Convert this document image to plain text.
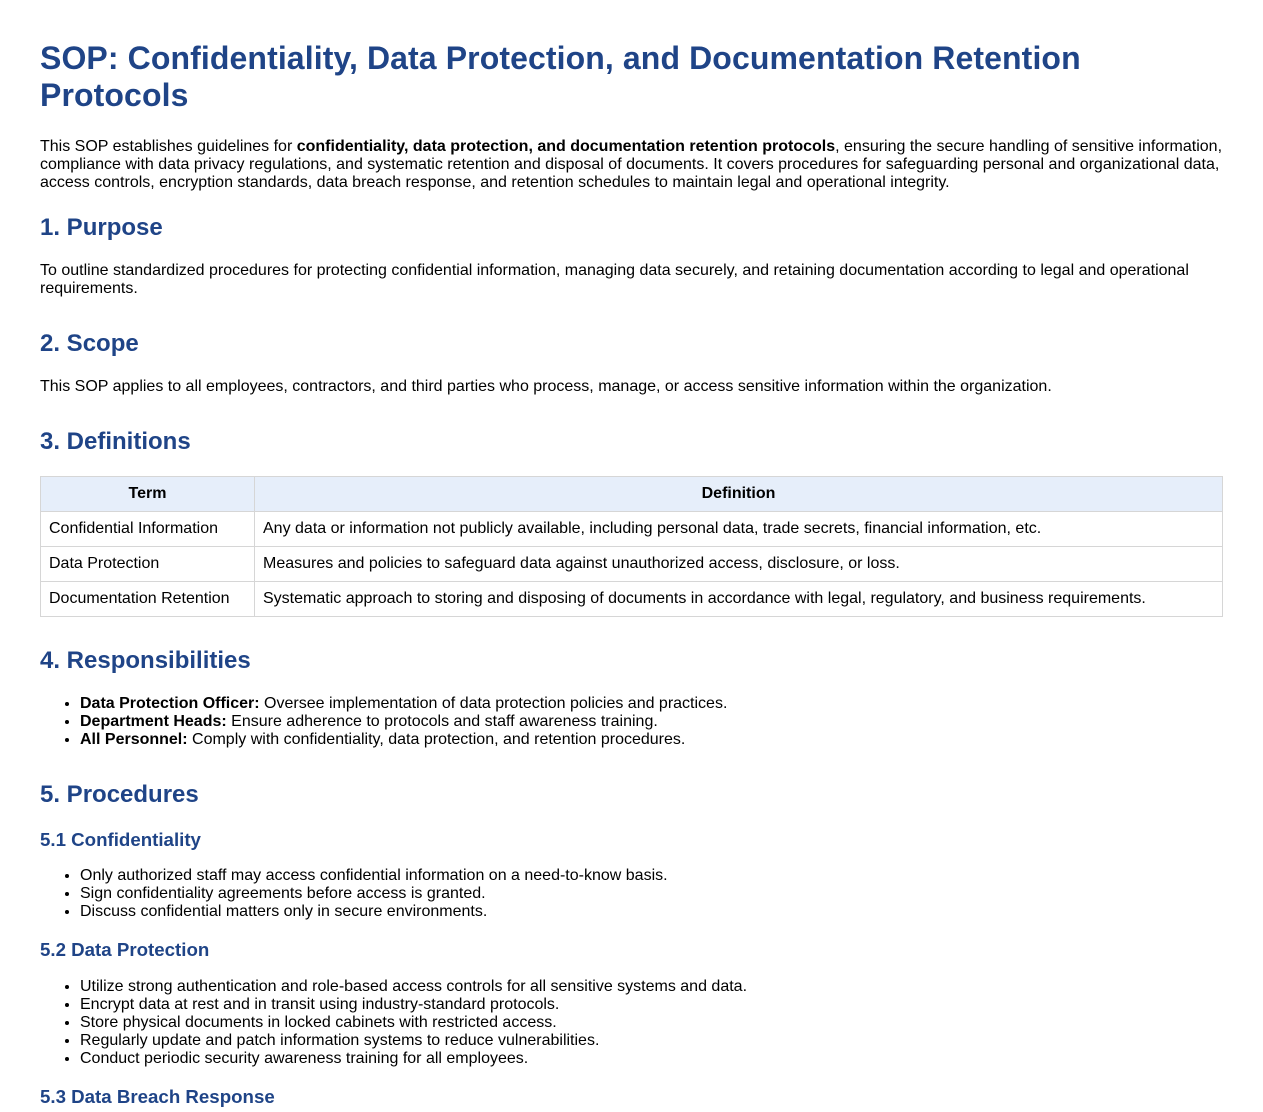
SOP: Confidentiality, Data Protection, and Documentation Retention Protocols

This SOP establishes guidelines for confidentiality, data protection, and documentation retention protocols, ensuring the secure handling of sensitive information, compliance with data privacy regulations, and systematic retention and disposal of documents. It covers procedures for safeguarding personal and organizational data, access controls, encryption standards, data breach response, and retention schedules to maintain legal and operational integrity.

1. Purpose

To outline standardized procedures for protecting confidential information, managing data securely, and retaining documentation according to legal and operational requirements.

2. Scope

This SOP applies to all employees, contractors, and third parties who process, manage, or access sensitive information within the organization.

3. Definitions
Term	Definition
Confidential Information	Any data or information not publicly available, including personal data, trade secrets, financial information, etc.
Data Protection	Measures and policies to safeguard data against unauthorized access, disclosure, or loss.
Documentation Retention	Systematic approach to storing and disposing of documents in accordance with legal, regulatory, and business requirements.
4. Responsibilities
• Data Protection Officer: Oversee implementation of data protection policies and practices.
• Department Heads: Ensure adherence to protocols and staff awareness training.
• All Personnel: Comply with confidentiality, data protection, and retention procedures.
5. Procedures
5.1 Confidentiality
• Only authorized staff may access confidential information on a need-to-know basis.
• Sign confidentiality agreements before access is granted.
• Discuss confidential matters only in secure environments.
5.2 Data Protection
• Utilize strong authentication and role-based access controls for all sensitive systems and data.
• Encrypt data at rest and in transit using industry-standard protocols.
• Store physical documents in locked cabinets with restricted access.
• Regularly update and patch information systems to reduce vulnerabilities.
• Conduct periodic security awareness training for all employees.
5.3 Data Breach Response
